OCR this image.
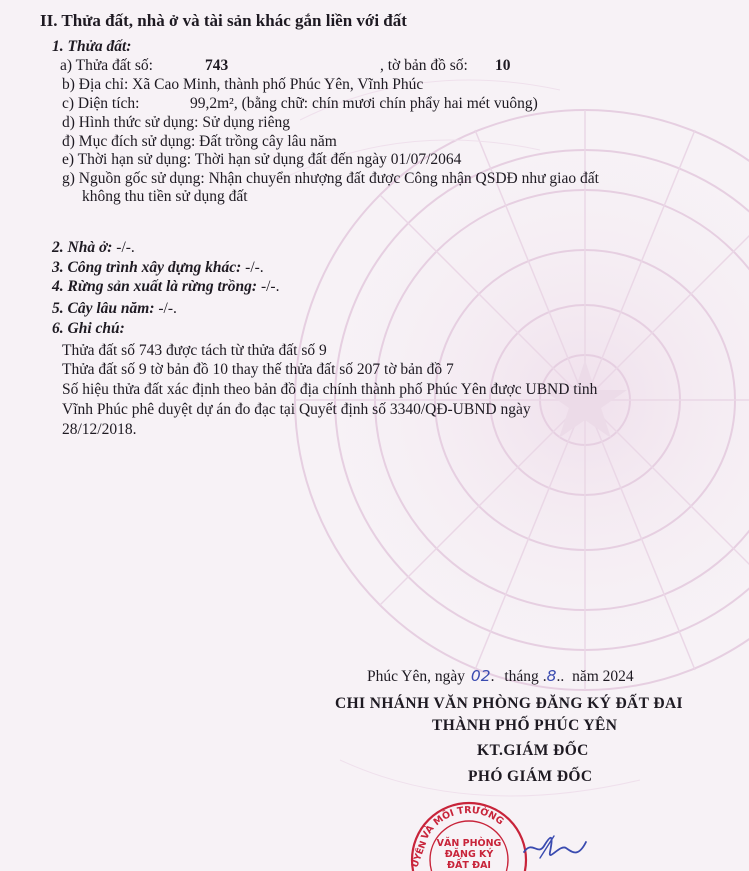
II. Thửa đất, nhà ở và tài sản khác gắn liền với đất
1. Thửa đất:
a) Thửa đất số:	743	, tờ bản đồ số: 10
b) Địa chỉ: Xã Cao Minh, thành phố Phúc Yên, Vĩnh Phúc
c) Diện tích:	99,2m², (bằng chữ: chín mươi chín phẩy hai mét vuông)
d) Hình thức sử dụng: Sử dụng riêng
đ) Mục đích sử dụng: Đất trồng cây lâu năm
e) Thời hạn sử dụng: Thời hạn sử dụng đất đến ngày 01/07/2064
g) Nguồn gốc sử dụng: Nhận chuyển nhượng đất được Công nhận QSDĐ như giao đất
không thu tiền sử dụng đất
2. Nhà ở: -/-.
3. Công trình xây dựng khác: -/-.
4. Rừng sản xuất là rừng trồng: -/-.
5. Cây lâu năm: -/-.
6. Ghi chú:
Thửa đất số 743 được tách từ thửa đất số 9
Thửa đất số 9 tờ bản đồ 10 thay thế thửa đất số 207 tờ bản đồ 7
Số hiệu thửa đất xác định theo bản đồ địa chính thành phố Phúc Yên được UBND tỉnh
Vĩnh Phúc phê duyệt dự án đo đạc tại Quyết định số 3340/QĐ-UBND ngày
28/12/2018.
Phúc Yên, ngày 02. tháng .8.. năm 2024
CHI NHÁNH VĂN PHÒNG ĐĂNG KÝ ĐẤT ĐAI
THÀNH PHỐ PHÚC YÊN
KT.GIÁM ĐỐC
PHÓ GIÁM ĐỐC
VÀ MÔI TRƯỜNG
UYÊN VĂN PHÒNG
ĐĂNG KÝ
ĐẤT ĐAI
